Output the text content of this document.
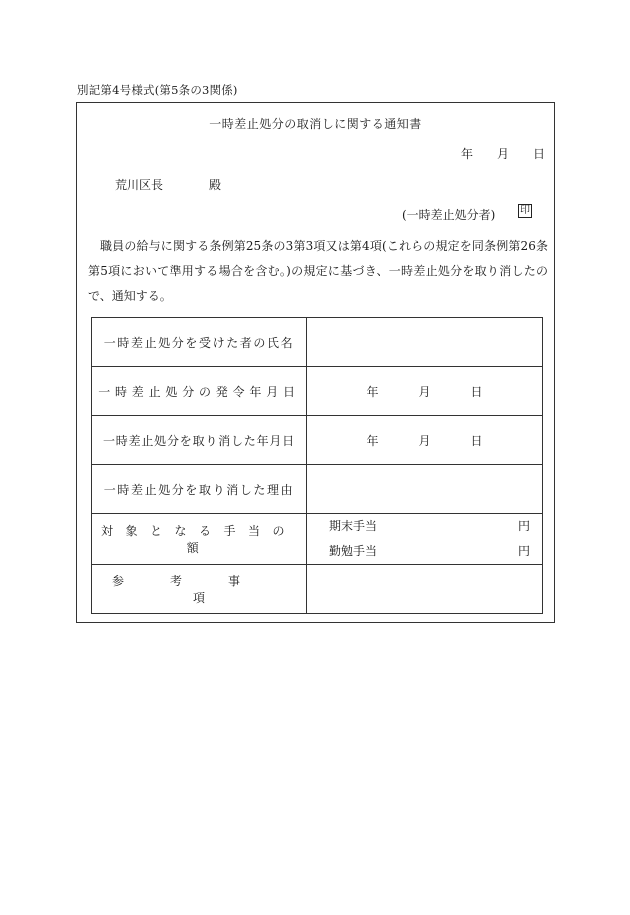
別記第4号様式(第5条の3関係)
一時差止処分の取消しに関する通知書
年 月 日
荒川区長	殿
(一時差止処分者) 印
職員の給与に関する条例第25条の3第3項又は第4項(これらの規定を同条例第26条第5項において準用する場合を含む。)の規定に基づき、一時差止処分を取り消したので、通知する。
一時差止処分を受けた者の氏名	
一時差止処分の発令年月日	年 月 日
一時差止処分を取り消した年月日	年 月 日
一時差止処分を取り消した理由	
対象となる手当の額	期末手当 円
勤勉手当 円

参考事項	
